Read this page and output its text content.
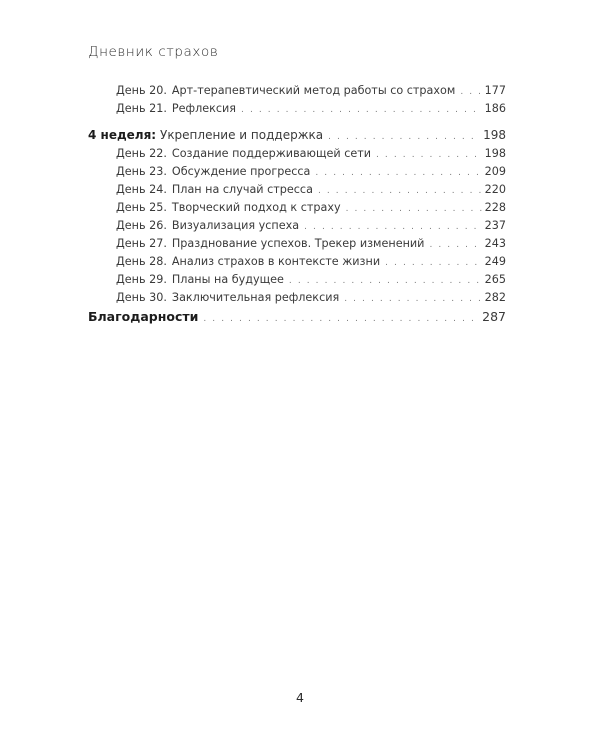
Дневник страхов
День 20. Арт-терапевтический метод работы со страхом . . .	177
День 21. Рефлексия . . .	186
4 неделя: Укрепление и поддержка . . .	198
День 22. Создание поддерживающей сети . . .	198
День 23. Обсуждение прогресса . . .	209
День 24. План на случай стресса . . .	220
День 25. Творческий подход к страху . . .	228
День 26. Визуализация успеха . . .	237
День 27. Празднование успехов. Трекер изменений . . .	243
День 28. Анализ страхов в контексте жизни . . .	249
День 29. Планы на будущее . . .	265
День 30. Заключительная рефлексия . . .	282
Благодарности . . .	287
4
